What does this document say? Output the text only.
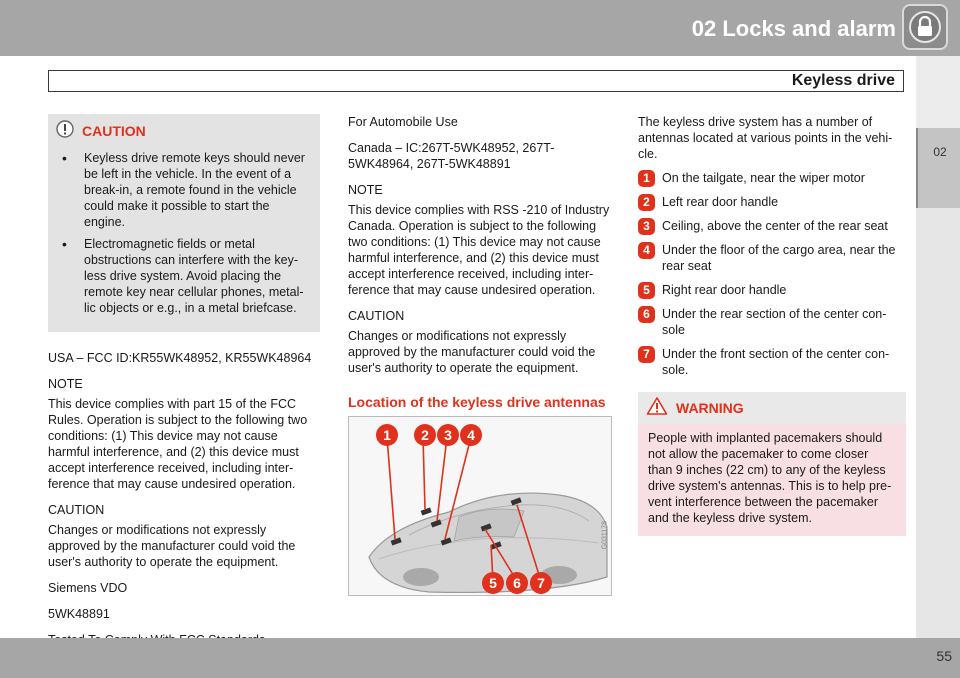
02 Locks and alarm
Keyless drive
02
CAUTION
• Keyless drive remote keys should never be left in the vehicle. In the event of a break-in, a remote found in the vehicle could make it possible to start the engine.
• Electromagnetic fields or metal obstructions can interfere with the key-less drive system. Avoid placing the remote key near cellular phones, metal-lic objects or e.g., in a metal briefcase.

USA – FCC ID:KR55WK48952, KR55WK48964

NOTE

This device complies with part 15 of the FCC Rules. Operation is subject to the following two conditions: (1) This device may not cause harmful interference, and (2) this device must accept interference received, including inter-ference that may cause undesired operation.

CAUTION

Changes or modifications not expressly approved by the manufacturer could void the user's authority to operate the equipment.

Siemens VDO

5WK48891

For Automobile Use

Canada – IC:267T-5WK48952, 267T-5WK48964, 267T-5WK48891

NOTE

This device complies with RSS -210 of Industry Canada. Operation is subject to the following two conditions: (1) This device may not cause harmful interference, and (2) this device must accept interference received, including inter-ference that may cause undesired operation.

CAUTION

Changes or modifications not expressly approved by the manufacturer could void the user's authority to operate the equipment.

Location of the keyless drive antennas
1 2 3 4
5 6 7
G031178

The keyless drive system has a number of antennas located at various points in the vehi-cle.

1 On the tailgate, near the wiper motor
2 Left rear door handle
3 Ceiling, above the center of the rear seat
4 Under the floor of the cargo area, near the rear seat
5 Right rear door handle
6 Under the rear section of the center con-sole
7 Under the front section of the center con-sole.
WARNING
People with implanted pacemakers should not allow the pacemaker to come closer than 9 inches (22 cm) to any of the keyless drive system's antennas. This is to help pre-vent interference between the pacemaker and the keyless drive system.
55
